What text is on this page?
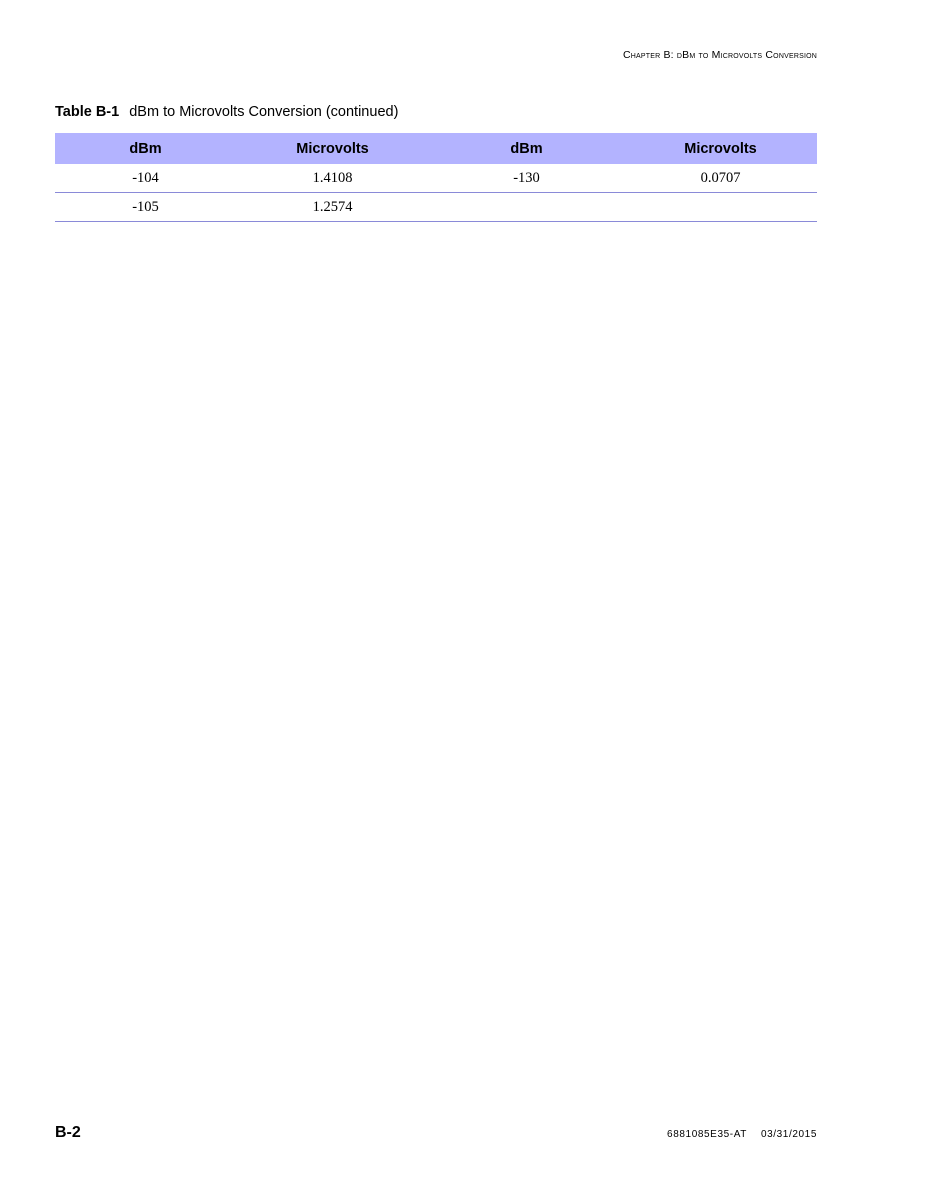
Chapter B: dBm to Microvolts Conversion
Table B-1 dBm to Microvolts Conversion (continued)
dBm	Microvolts	dBm	Microvolts
-104	1.4108	-130	0.0707
-105	1.2574		
B-2	6881085E35-AT 03/31/2015
